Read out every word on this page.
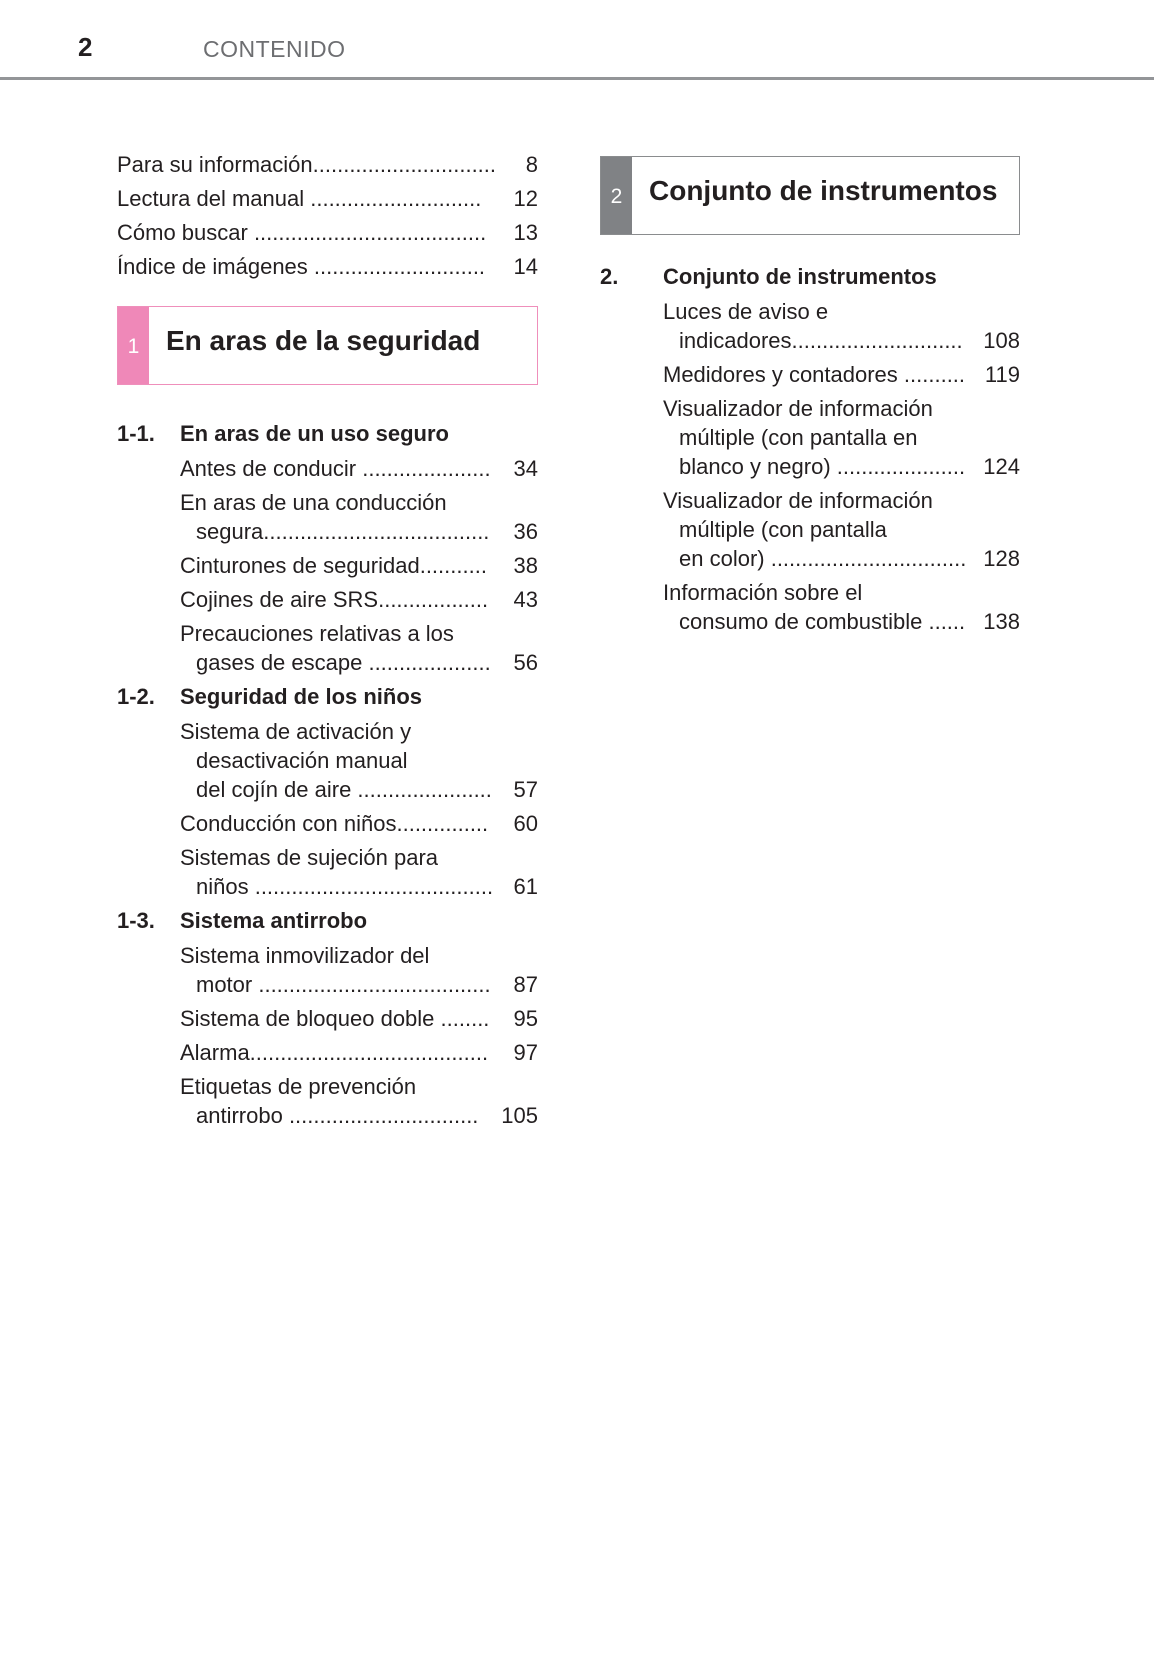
2	CONTENIDO
Para su información..............................	8
Lectura del manual ............................	12
Cómo buscar ......................................	13
Índice de imágenes ............................	14
1 En aras de la seguridad
1-1. En aras de un uso seguro
Antes de conducir .....................	34
En aras de una conducción
segura.....................................	36
Cinturones de seguridad...........	38
Cojines de aire SRS..................	43
Precauciones relativas a los
gases de escape ....................	56
1-2. Seguridad de los niños
Sistema de activación y
desactivación manual
del cojín de aire ...................... 57
Conducción con niños...............	60
Sistemas de sujeción para
niños ....................................... 61
1-3. Sistema antirrobo
Sistema inmovilizador del
motor ......................................	87
Sistema de bloqueo doble ........	95
Alarma.......................................	97
Etiquetas de prevención
antirrobo ...............................	105
2 Conjunto de instrumentos
2. Conjunto de instrumentos
Luces de aviso e
indicadores............................ 108
Medidores y contadores .......... 119
Visualizador de información
múltiple (con pantalla en
blanco y negro) ..................... 124
Visualizador de información
múltiple (con pantalla
en color) ................................ 128
Información sobre el
consumo de combustible ...... 138
